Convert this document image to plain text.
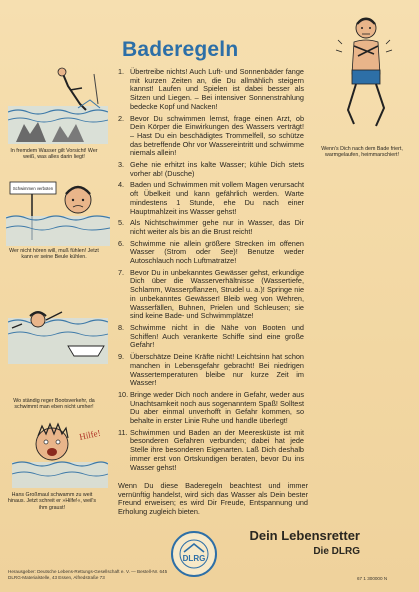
Baderegeln
In fremdem Wasser gilt Vorsicht! Wer weiß, was alles darin liegt!
Schwimmen verboten
Wer nicht hören will, muß fühlen! Jetzt kann er seine Beule kühlen.
Wo ständig reger Bootsverkehr, da schwimmt man eben nicht umher!
Hilfe!
Hans Großmaul schwamm zu weit hinaus. Jetzt schreit er »Hilfe!«, weil's ihm graust!
Wenn's Dich nach dem Bade friert, warmgelaufen, heimmarschiert!
1. Übertreibe nichts! Auch Luft- und Sonnenbäder fange mit kurzen Zeiten an, die Du allmählich steigern kannst! Laufen und Spielen ist dabei besser als Sitzen und Liegen. – Bei intensiver Sonnenstrahlung bedecke Kopf und Nacken!
2. Bevor Du schwimmen lernst, frage einen Arzt, ob Dein Körper die Einwirkungen des Wassers verträgt! – Hast Du ein beschädigtes Trommelfell, so schütze das betreffende Ohr vor Wassereintritt und schwimme niemals allein!
3. Gehe nie erhitzt ins kalte Wasser; kühle Dich stets vorher ab! (Dusche)
4. Baden und Schwimmen mit vollem Magen verursacht oft Übelkeit und kann gefährlich werden. Warte mindestens 1 Stunde, ehe Du nach einer Hauptmahlzeit ins Wasser gehst!
5. Als Nichtschwimmer gehe nur in Wasser, das Dir nicht weiter als bis an die Brust reicht!
6. Schwimme nie allein größere Strecken im offenen Wasser (Strom oder See)! Benutze weder Autoschlauch noch Luftmatratze!
7. Bevor Du in unbekanntes Gewässer gehst, erkundige Dich über die Wasserverhältnisse (Wassertiefe, Schlamm, Wasserpflanzen, Strudel u. a.)! Springe nie in unbekanntes Gewässer! Bleib weg von Wehren, Wasserfällen, Buhnen, Prielen und Schleusen; sie sind keine Bade- und Schwimmplätze!
8. Schwimme nicht in die Nähe von Booten und Schiffen! Auch verankerte Schiffe sind eine große Gefahr!
9. Überschätze Deine Kräfte nicht! Leichtsinn hat schon manchen in Lebensgefahr gebracht! Bei niedrigen Wassertemperaturen bleibe nur kurze Zeit im Wasser!
10. Bringe weder Dich noch andere in Gefahr, weder aus Unachtsamkeit noch aus sogenanntem Spaß! Solltest Du aber einmal unverhofft in Gefahr kommen, so behalte in erster Linie Ruhe und handle überlegt!
11. Schwimmen und Baden an der Meeresküste ist mit besonderen Gefahren verbunden; dabei hat jede Stelle ihre besonderen Eigenarten. Laß Dich deshalb immer erst von Ortskundigen beraten, bevor Du ins Wasser gehst!
Wenn Du diese Baderegeln beachtest und immer vernünftig handelst, wird sich das Wasser als Dein bester Freund erweisen; es wird Dir Freude, Entspannung und Erholung zugleich bieten.
DLRG
Dein Lebensretter
Die DLRG
Herausgeber: Deutsche Lebens-Rettungs-Gesellschaft e. V. — Bestell-Nr. 645
DLRG-Materialstelle, 43 Essen, Alfredstraße 73	67 1 300000 N
